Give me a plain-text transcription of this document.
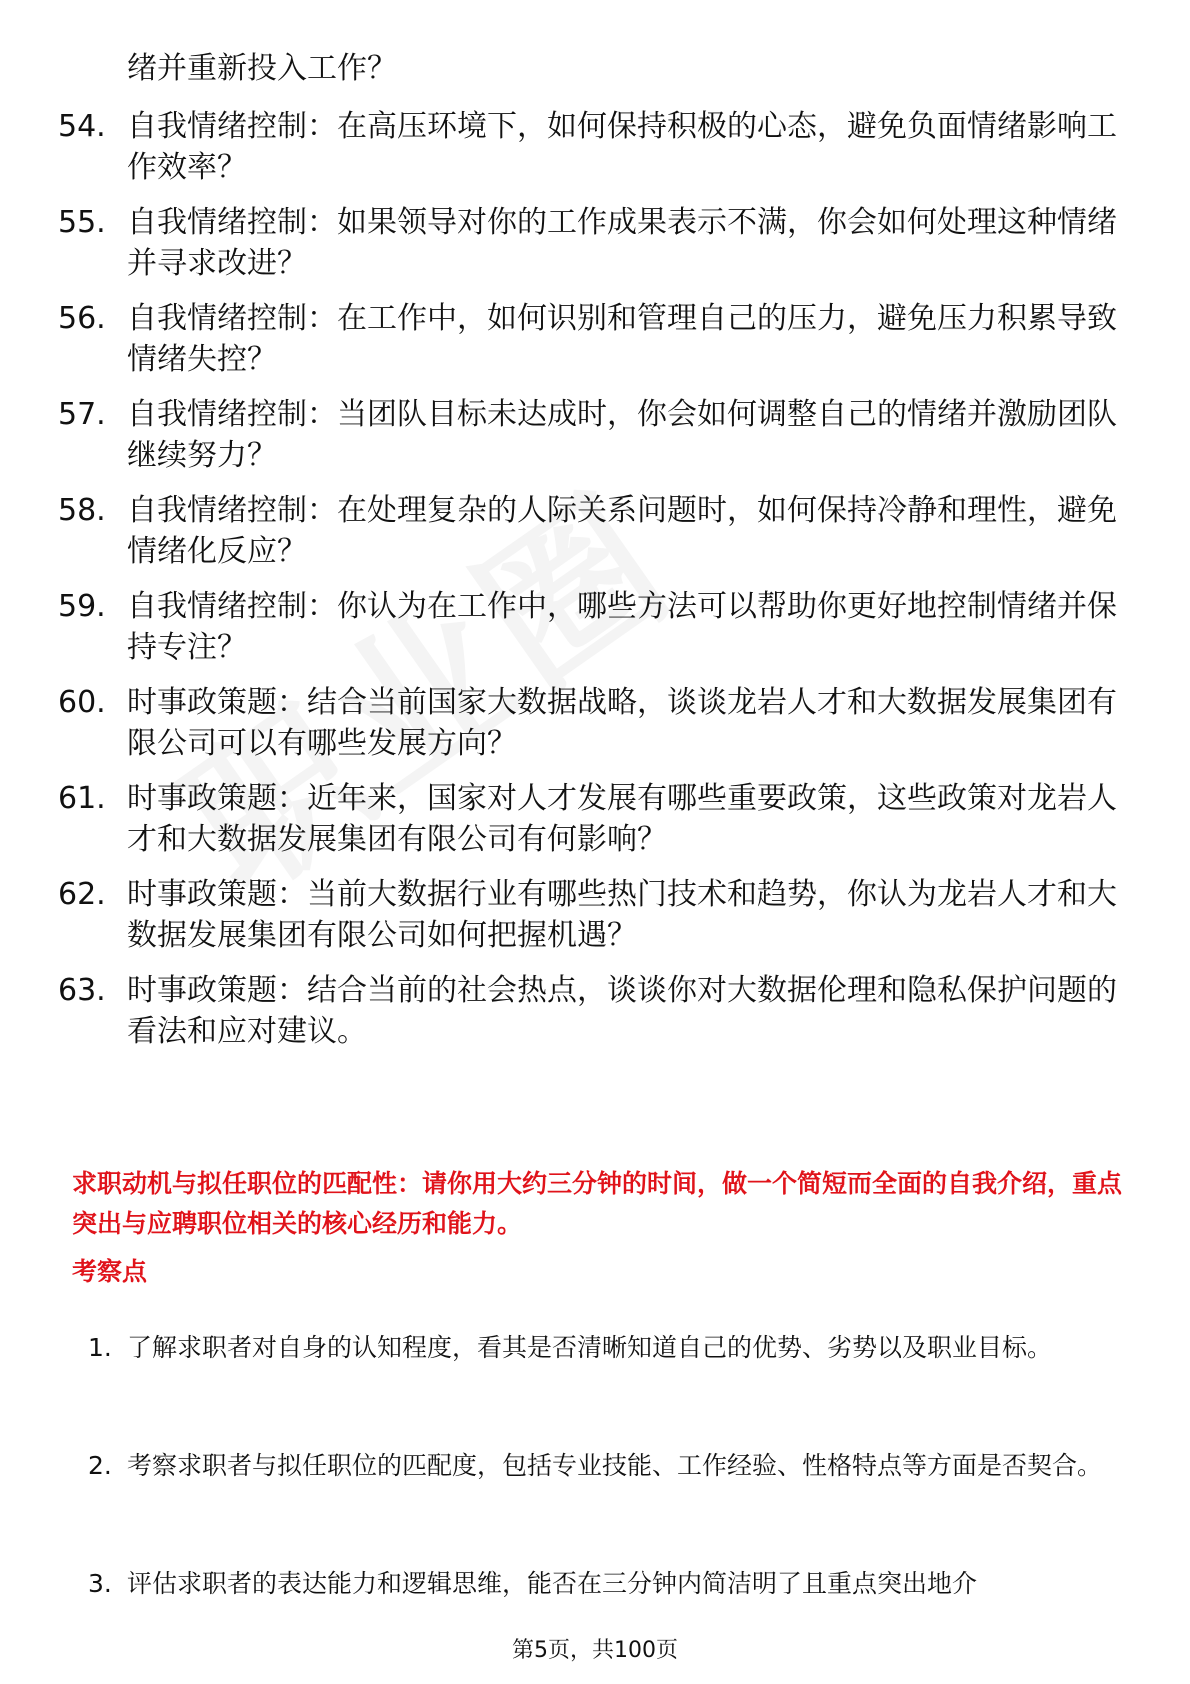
绪并重新投入工作？
54. 自我情绪控制：在高压环境下，如何保持积极的心态，避免负面情绪影响工作效率？
55. 自我情绪控制：如果领导对你的工作成果表示不满，你会如何处理这种情绪并寻求改进？
56. 自我情绪控制：在工作中，如何识别和管理自己的压力，避免压力积累导致情绪失控？
57. 自我情绪控制：当团队目标未达成时，你会如何调整自己的情绪并激励团队继续努力？
58. 自我情绪控制：在处理复杂的人际关系问题时，如何保持冷静和理性，避免情绪化反应？
59. 自我情绪控制：你认为在工作中，哪些方法可以帮助你更好地控制情绪并保持专注？
60. 时事政策题：结合当前国家大数据战略，谈谈龙岩人才和大数据发展集团有限公司可以有哪些发展方向？
61. 时事政策题：近年来，国家对人才发展有哪些重要政策，这些政策对龙岩人才和大数据发展集团有限公司有何影响？
62. 时事政策题：当前大数据行业有哪些热门技术和趋势，你认为龙岩人才和大数据发展集团有限公司如何把握机遇？
63. 时事政策题：结合当前的社会热点，谈谈你对大数据伦理和隐私保护问题的看法和应对建议。
求职动机与拟任职位的匹配性：请你用大约三分钟的时间，做一个简短而全面的自我介绍，重点突出与应聘职位相关的核心经历和能力。
考察点
1. 了解求职者对自身的认知程度，看其是否清晰知道自己的优势、劣势以及职业目标。
2. 考察求职者与拟任职位的匹配度，包括专业技能、工作经验、性格特点等方面是否契合。
3. 评估求职者的表达能力和逻辑思维，能否在三分钟内简洁明了且重点突出地介
第5页，共100页
